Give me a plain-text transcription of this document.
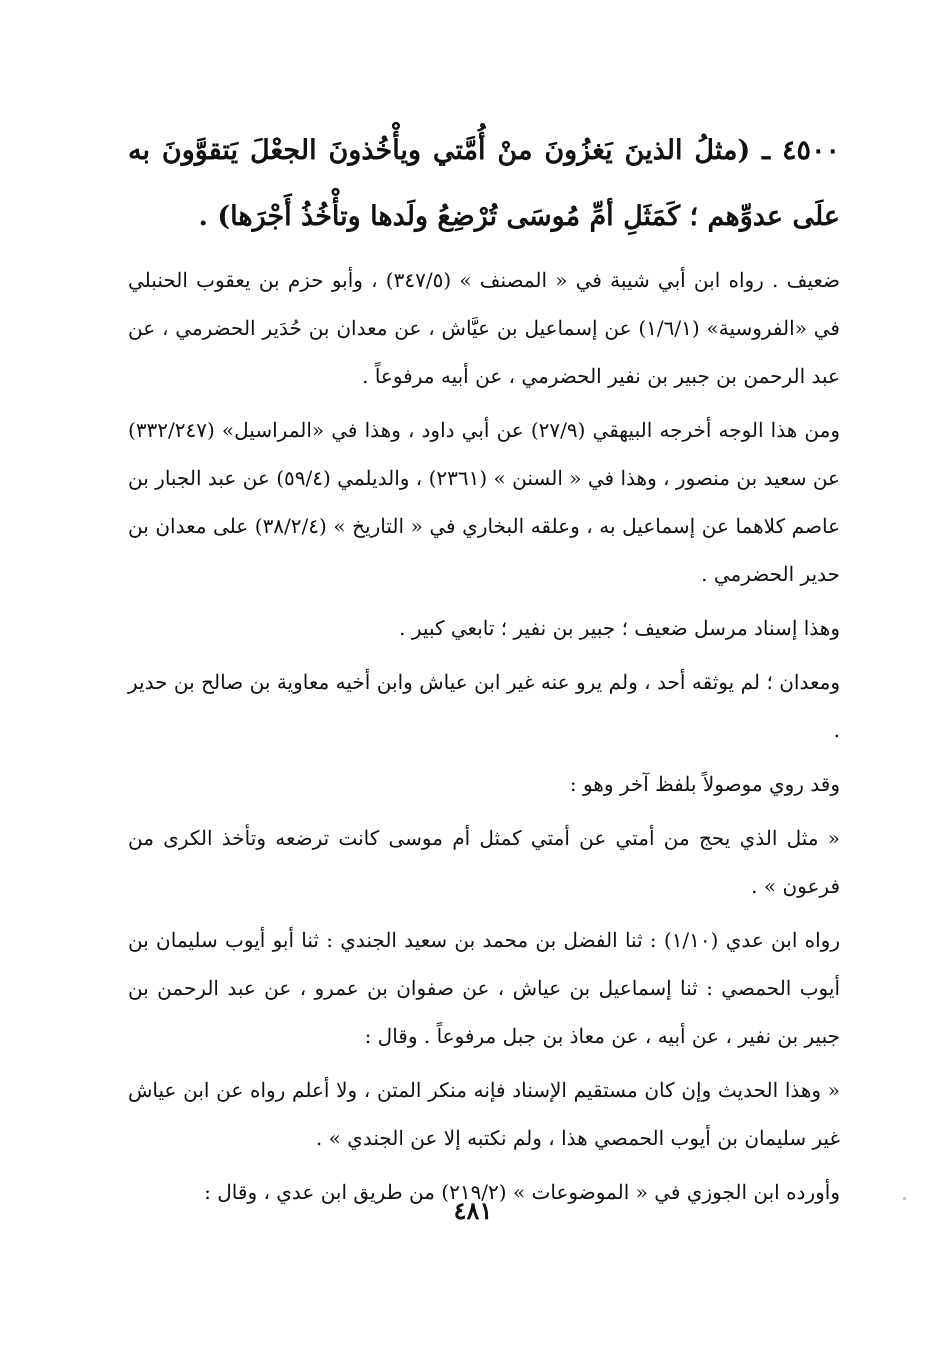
٤٥٠٠ ـ (مثلُ الذينَ يَغزُونَ منْ أُمَّتي ويأْخُذونَ الجعْلَ يَتقوَّونَ به علَى عدوِّهم ؛ كَمَثَلِ أمِّ مُوسَى تُرْضِعُ ولَدها وتأْخُذُ أَجْرَها) .

ضعيف . رواه ابن أبي شيبة في « المصنف » (٣٤٧/٥) ، وأبو حزم بن يعقوب الحنبلي في «الفروسية» (١/٦/١) عن إسماعيل بن عيَّاش ، عن معدان بن حُدَير الحضرمي ، عن عبد الرحمن بن جبير بن نفير الحضرمي ، عن أبيه مرفوعاً .

ومن هذا الوجه أخرجه البيهقي (٢٧/٩) عن أبي داود ، وهذا في «المراسيل» (٣٣٢/٢٤٧) عن سعيد بن منصور ، وهذا في « السنن » (٢٣٦١) ، والديلمي (٥٩/٤) عن عبد الجبار بن عاصم كلاهما عن إسماعيل به ، وعلقه البخاري في « التاريخ » (٣٨/٢/٤) على معدان بن حدير الحضرمي .

وهذا إسناد مرسل ضعيف ؛ جبير بن نفير ؛ تابعي كبير .

ومعدان ؛ لم يوثقه أحد ، ولم يرو عنه غير ابن عياش وابن أخيه معاوية بن صالح بن حدير .

وقد روي موصولاً بلفظ آخر وهو :

« مثل الذي يحج من أمتي عن أمتي كمثل أم موسى كانت ترضعه وتأخذ الكرى من فرعون » .

رواه ابن عدي (١/١٠) : ثنا الفضل بن محمد بن سعيد الجندي : ثنا أبو أيوب سليمان بن أيوب الحمصي : ثنا إسماعيل بن عياش ، عن صفوان بن عمرو ، عن عبد الرحمن بن جبير بن نفير ، عن أبيه ، عن معاذ بن جبل مرفوعاً . وقال :

« وهذا الحديث وإن كان مستقيم الإسناد فإنه منكر المتن ، ولا أعلم رواه عن ابن عياش غير سليمان بن أيوب الحمصي هذا ، ولم نكتبه إلا عن الجندي » .

وأورده ابن الجوزي في « الموضوعات » (٢١٩/٢) من طريق ابن عدي ، وقال :

٤٨١
